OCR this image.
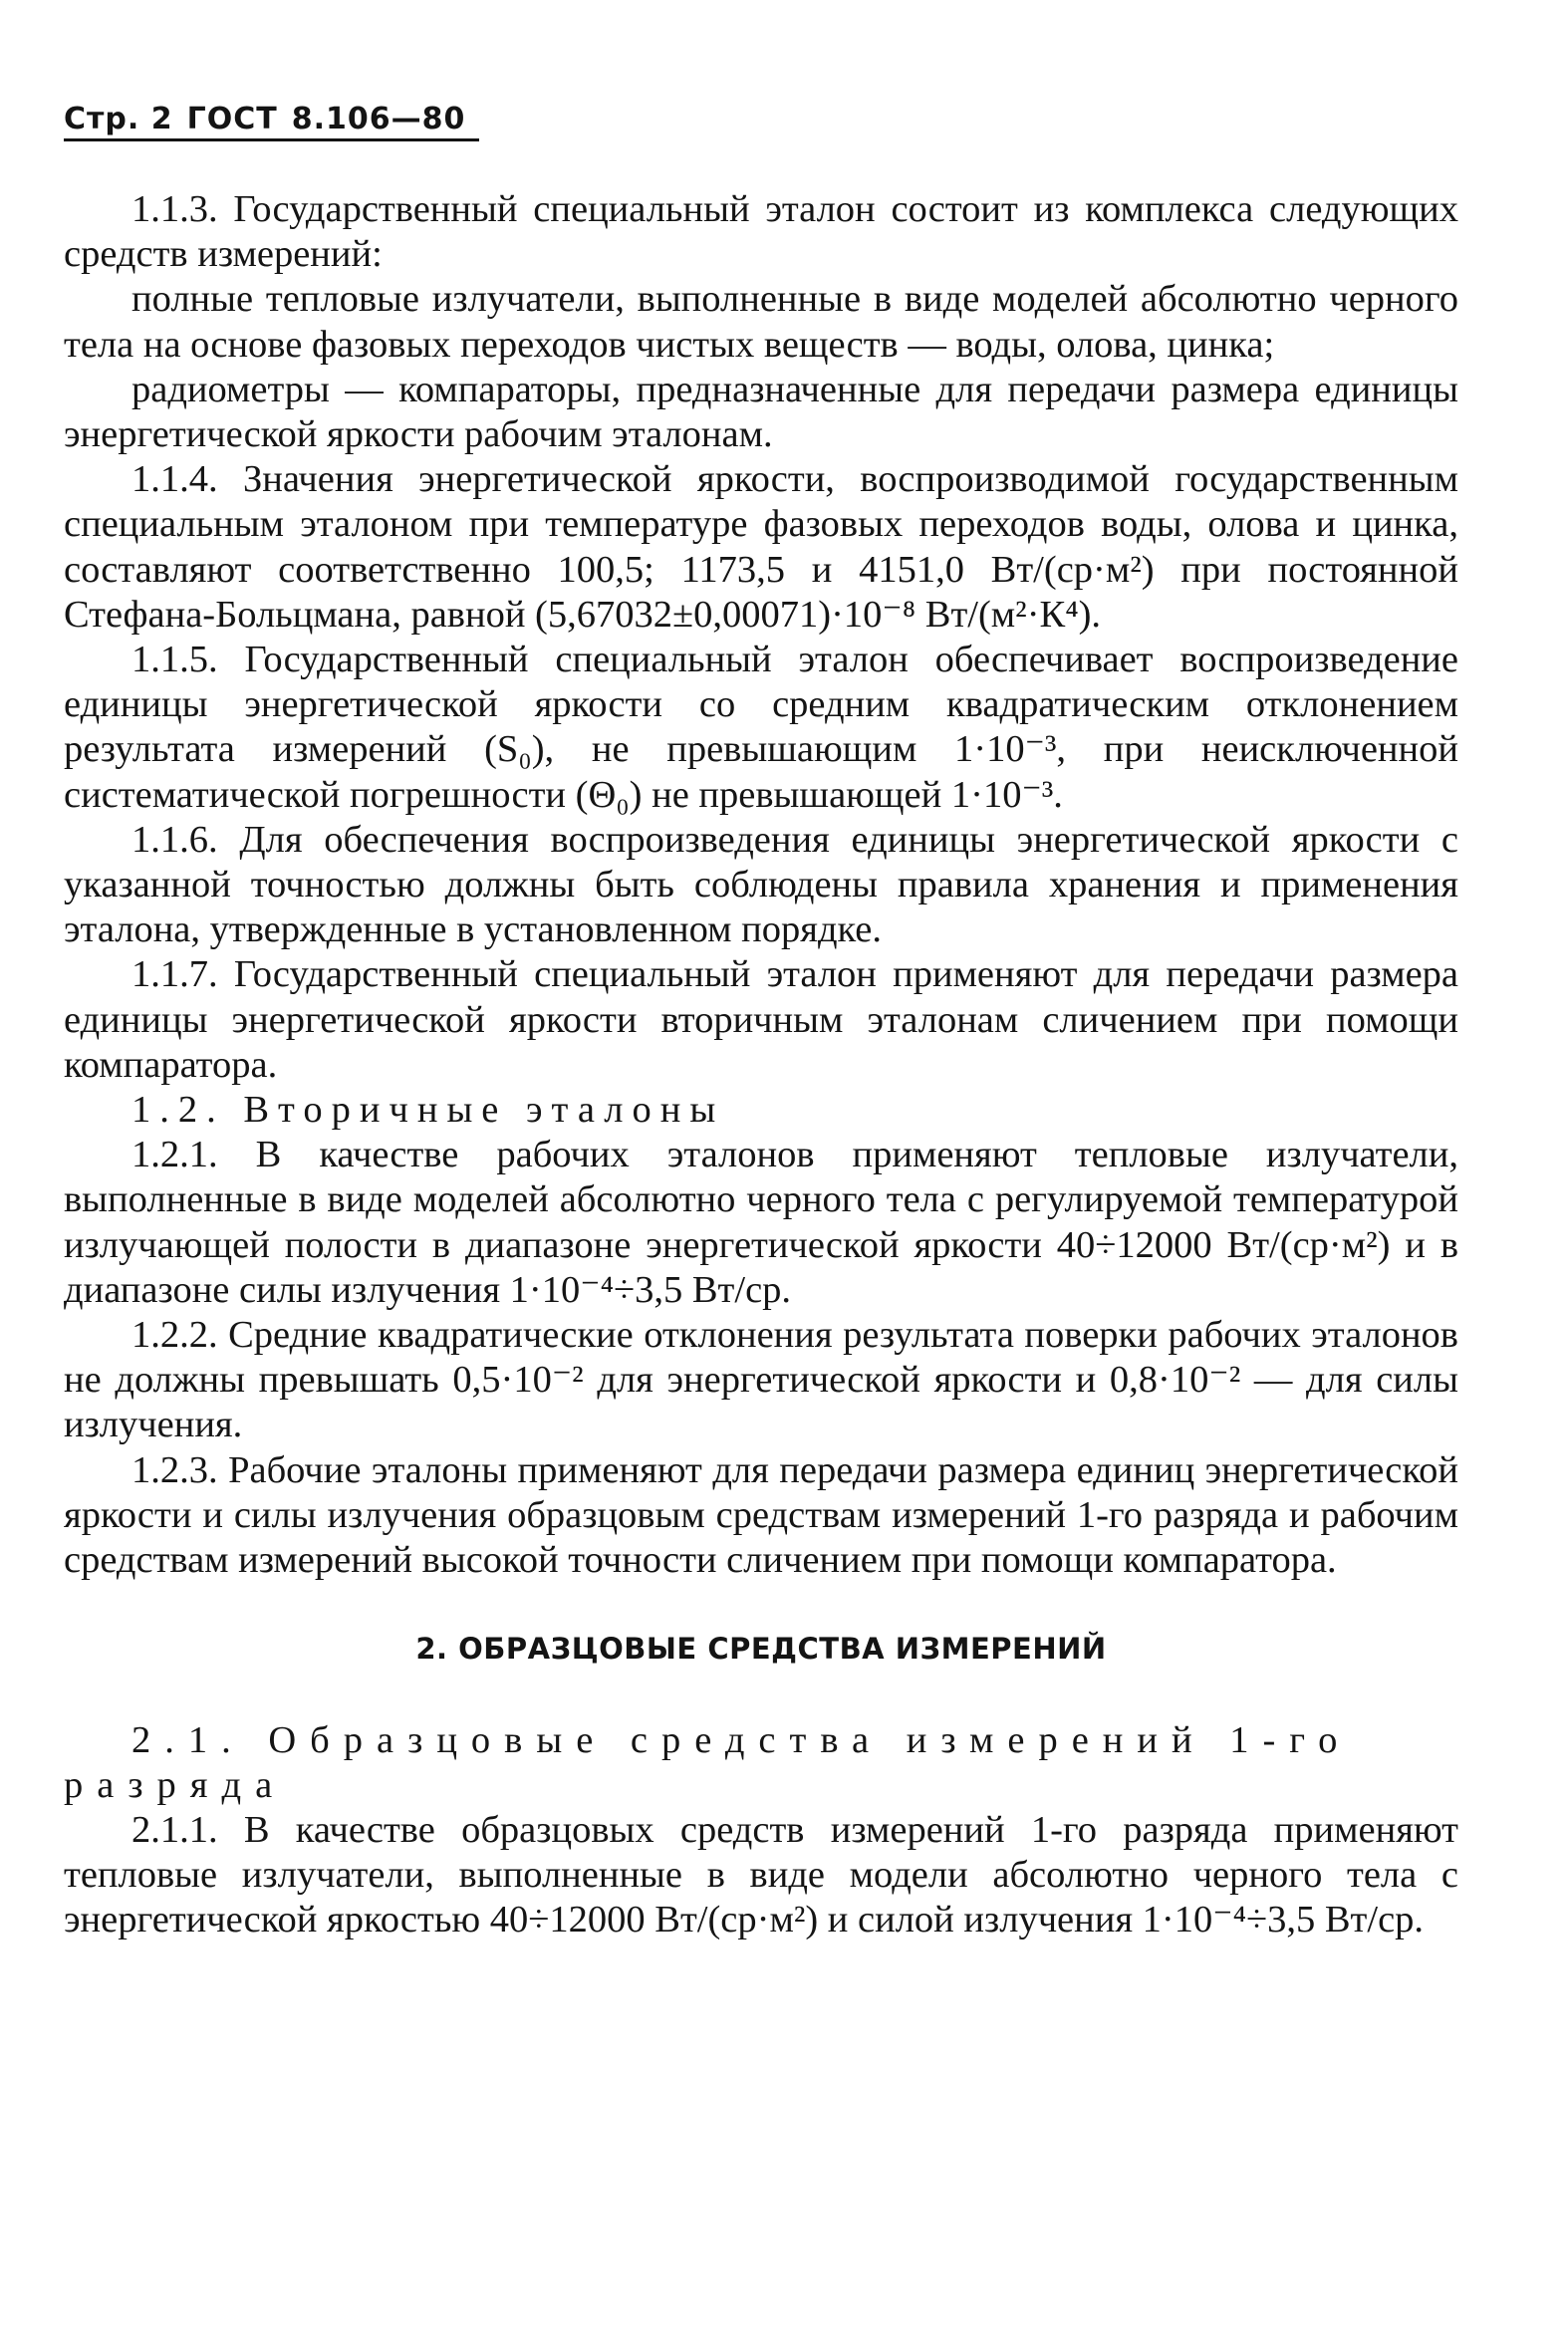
Стр. 2 ГОСТ 8.106—80

1.1.3. Государственный специальный эталон состоит из комплекса следующих средств измерений:

полные тепловые излучатели, выполненные в виде моделей абсолютно черного тела на основе фазовых переходов чистых веществ — воды, олова, цинка;

радиометры — компараторы, предназначенные для передачи размера единицы энергетической яркости рабочим эталонам.

1.1.4. Значения энергетической яркости, воспроизводимой государственным специальным эталоном при температуре фазовых переходов воды, олова и цинка, составляют соответственно 100,5; 1173,5 и 4151,0 Вт/(ср·м²) при постоянной Стефана-Больцмана, равной (5,67032±0,00071)·10⁻⁸ Вт/(м²·К⁴).

1.1.5. Государственный специальный эталон обеспечивает воспроизведение единицы энергетической яркости со средним квадратическим отклонением результата измерений (S₀), не превышающим 1·10⁻³, при неисключенной систематической погрешности (Θ₀) не превышающей 1·10⁻³.

1.1.6. Для обеспечения воспроизведения единицы энергетической яркости с указанной точностью должны быть соблюдены правила хранения и применения эталона, утвержденные в установленном порядке.

1.1.7. Государственный специальный эталон применяют для передачи размера единицы энергетической яркости вторичным эталонам сличением при помощи компаратора.

1.2. Вторичные эталоны

1.2.1. В качестве рабочих эталонов применяют тепловые излучатели, выполненные в виде моделей абсолютно черного тела с регулируемой температурой излучающей полости в диапазоне энергетической яркости 40÷12000 Вт/(ср·м²) и в диапазоне силы излучения 1·10⁻⁴÷3,5 Вт/ср.

1.2.2. Средние квадратические отклонения результата поверки рабочих эталонов не должны превышать 0,5·10⁻² для энергетической яркости и 0,8·10⁻² — для силы излучения.

1.2.3. Рабочие эталоны применяют для передачи размера единиц энергетической яркости и силы излучения образцовым средствам измерений 1-го разряда и рабочим средствам измерений высокой точности сличением при помощи компаратора.

2. ОБРАЗЦОВЫЕ СРЕДСТВА ИЗМЕРЕНИЙ

2.1. Образцовые средства измерений 1-го разряда

2.1.1. В качестве образцовых средств измерений 1-го разряда применяют тепловые излучатели, выполненные в виде модели абсолютно черного тела с энергетической яркостью 40÷12000 Вт/(ср·м²) и силой излучения 1·10⁻⁴÷3,5 Вт/ср.
